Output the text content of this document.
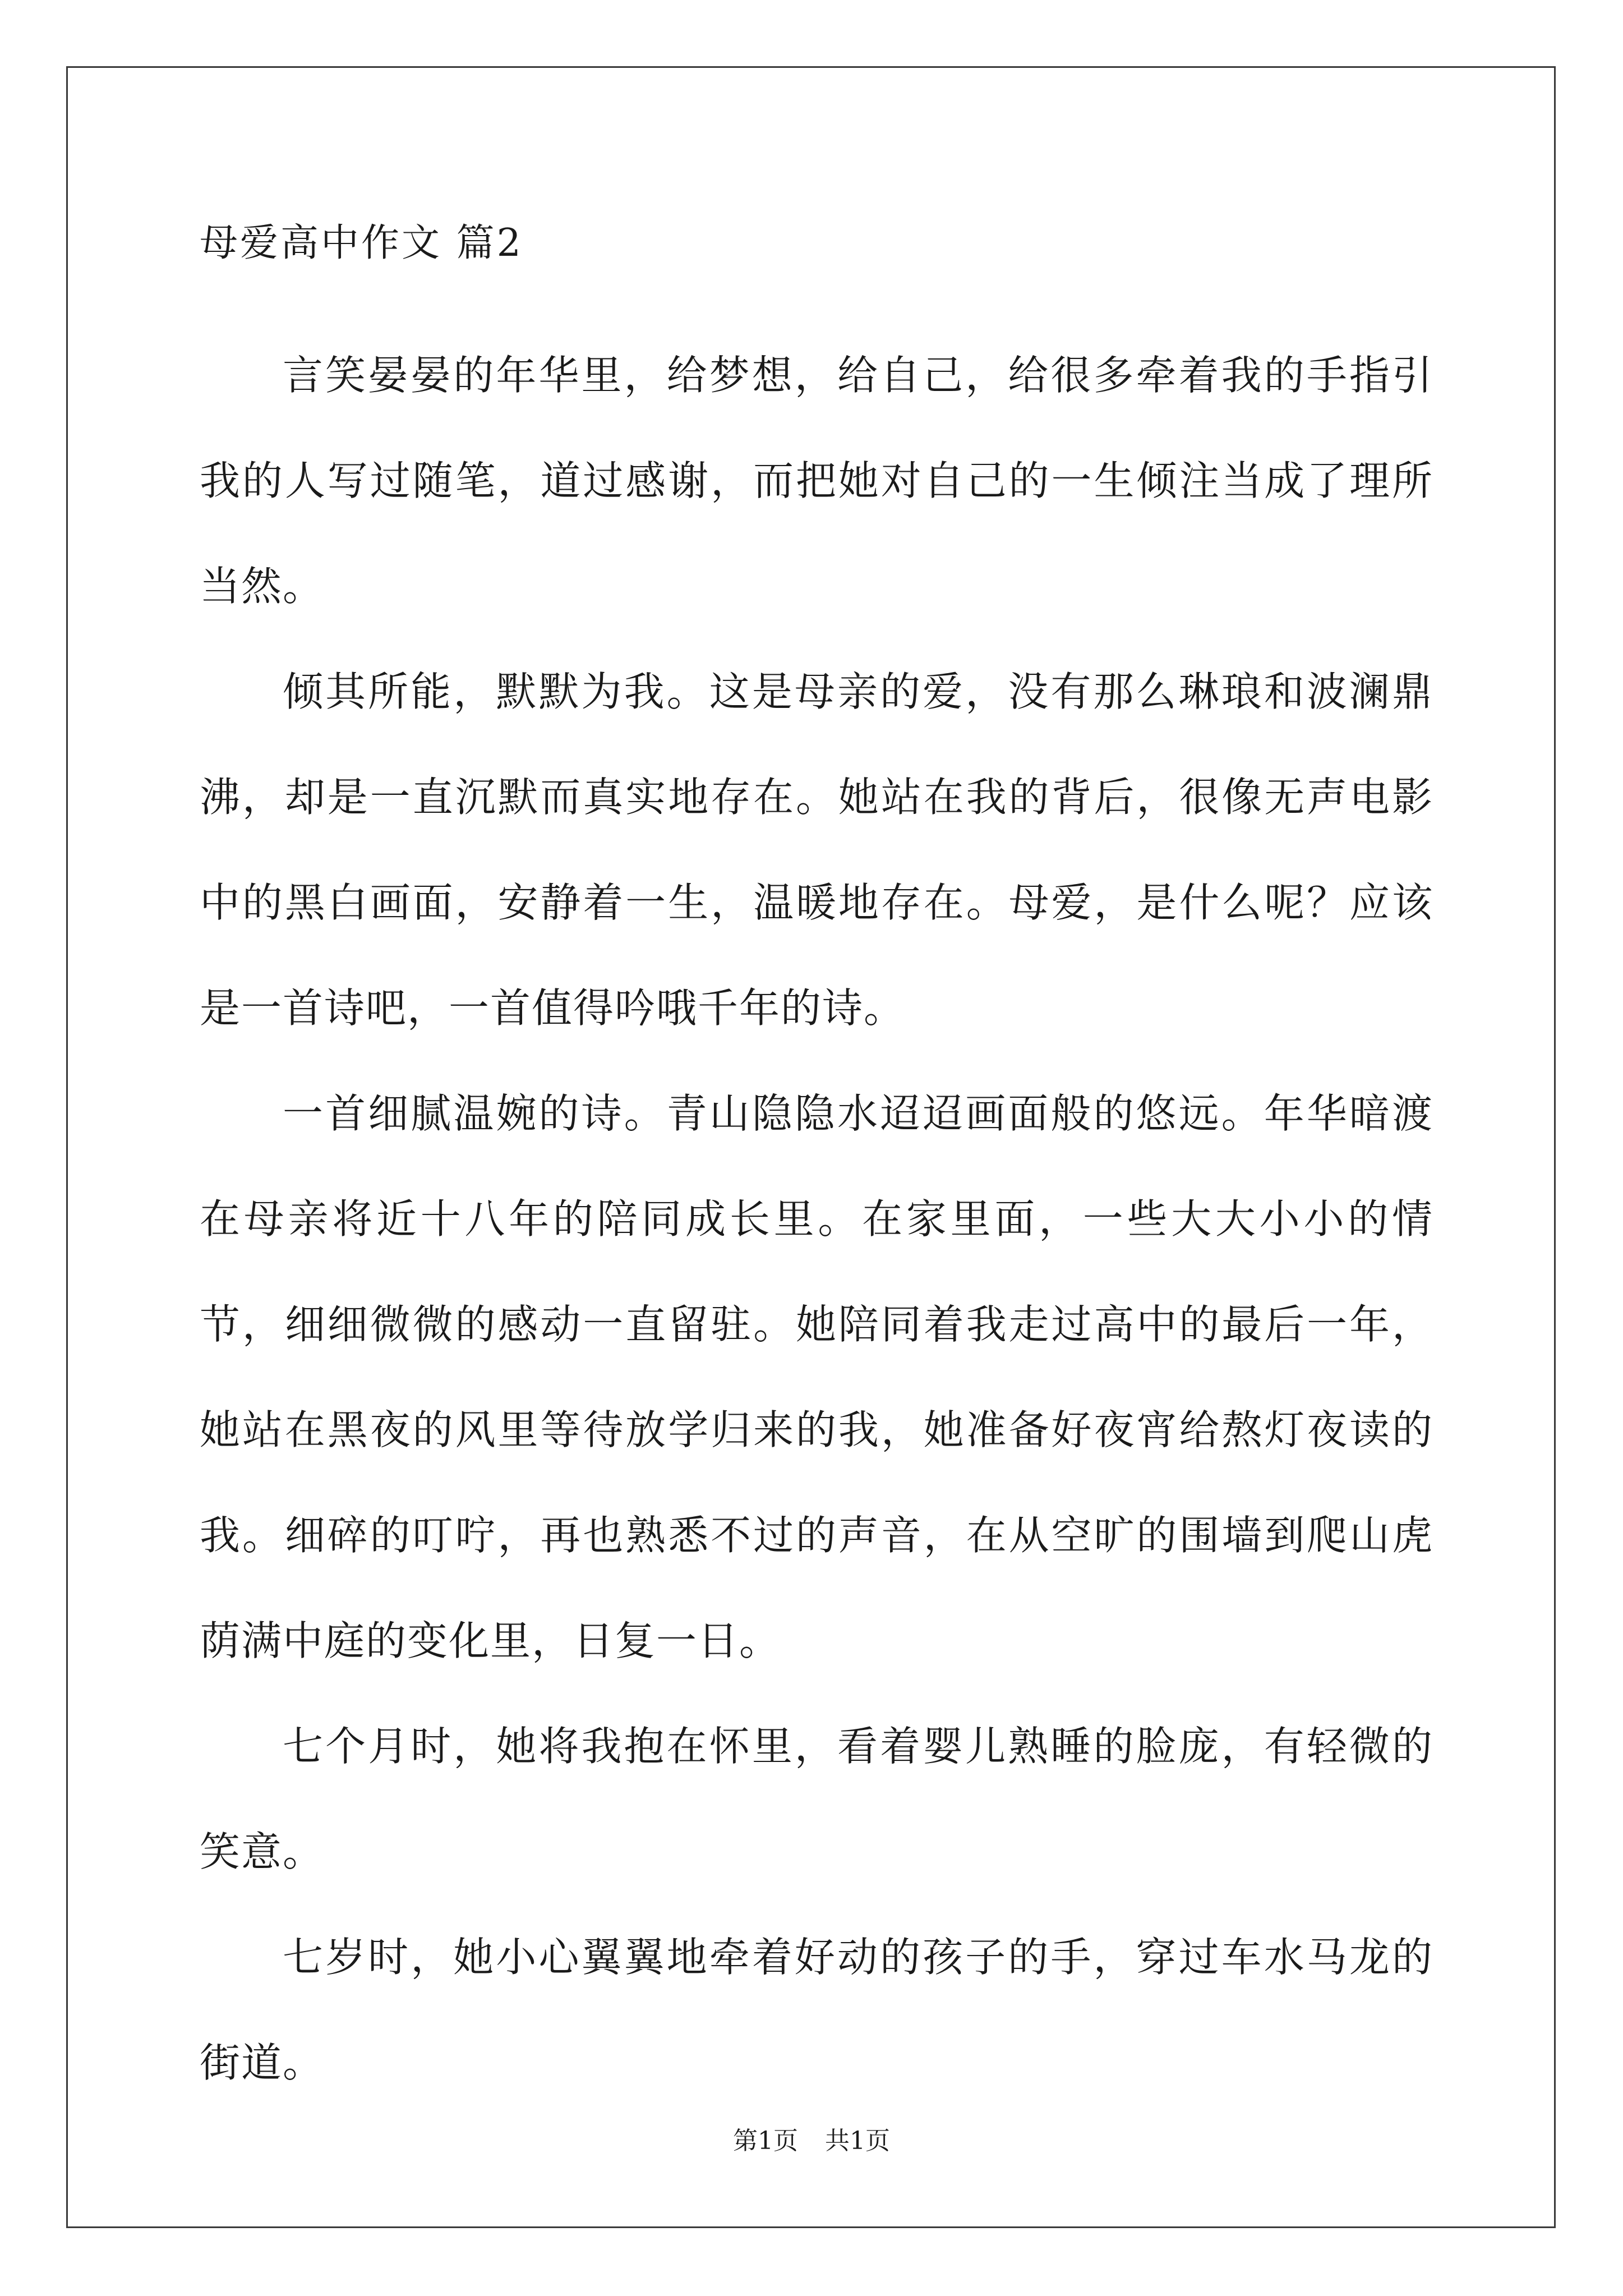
母爱高中作文 篇2

言笑晏晏的年华里，给梦想，给自己，给很多牵着我的手指引我的人写过随笔，道过感谢，而把她对自己的一生倾注当成了理所当然。

倾其所能，默默为我。这是母亲的爱，没有那么琳琅和波澜鼎沸，却是一直沉默而真实地存在。她站在我的背后，很像无声电影中的黑白画面，安静着一生，温暖地存在。母爱，是什么呢？应该是一首诗吧，一首值得吟哦千年的诗。

一首细腻温婉的诗。青山隐隐水迢迢画面般的悠远。年华暗渡在母亲将近十八年的陪同成长里。在家里面，一些大大小小的情节，细细微微的感动一直留驻。她陪同着我走过高中的最后一年，她站在黑夜的风里等待放学归来的我，她准备好夜宵给熬灯夜读的我。细碎的叮咛，再也熟悉不过的声音，在从空旷的围墙到爬山虎荫满中庭的变化里，日复一日。

七个月时，她将我抱在怀里，看着婴儿熟睡的脸庞，有轻微的笑意。

七岁时，她小心翼翼地牵着好动的孩子的手，穿过车水马龙的街道。

第1页 共1页
